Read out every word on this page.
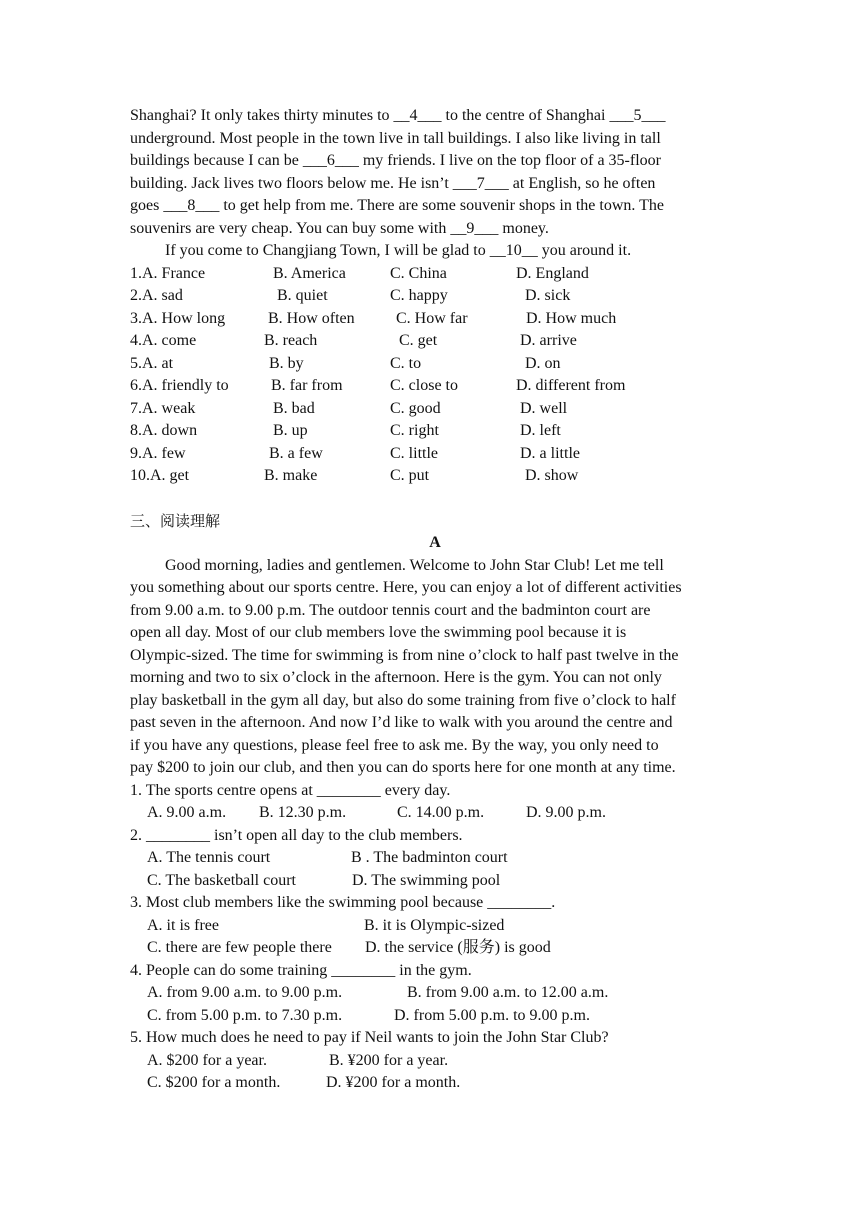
Shanghai? It only takes thirty minutes to __4___ to the centre of Shanghai ___5___

underground. Most people in the town live in tall buildings. I also like living in tall

buildings because I can be ___6___ my friends. I live on the top floor of a 35-floor

building. Jack lives two floors below me. He isn’t ___7___ at English, so he often

goes ___8___ to get help from me. There are some souvenir shops in the town. The

souvenirs are very cheap. You can buy some with __9___ money.

If you come to Changjiang Town, I will be glad to __10__ you around it.

1.A. France	B. America	C. China	D. England
2.A. sad	B. quiet	C. happy	D. sick
3.A. How long	B. How often	C. How far	D. How much
4.A. come	B. reach	C. get	D. arrive
5.A. at	B. by	C. to	D. on
6.A. friendly to	B. far from	C. close to	D. different from
7.A. weak	B. bad	C. good	D. well
8.A. down	B. up	C. right	D. left
9.A. few	B. a few	C. little	D. a little
10.A. get	B. make	C. put	D. show
三、阅读理解
A

Good morning, ladies and gentlemen. Welcome to John Star Club! Let me tell

you something about our sports centre. Here, you can enjoy a lot of different activities

from 9.00 a.m. to 9.00 p.m. The outdoor tennis court and the badminton court are

open all day. Most of our club members love the swimming pool because it is

Olympic-sized. The time for swimming is from nine o’clock to half past twelve in the

morning and two to six o’clock in the afternoon. Here is the gym. You can not only

play basketball in the gym all day, but also do some training from five o’clock to half

past seven in the afternoon. And now I’d like to walk with you around the centre and

if you have any questions, please feel free to ask me. By the way, you only need to

pay $200 to join our club, and then you can do sports here for one month at any time.

1. The sports centre opens at ________ every day.
A. 9.00 a.m. B. 12.30 p.m.	C. 14.00 p.m.	D. 9.00 p.m.
2. ________ isn’t open all day to the club members.
A. The tennis court	B . The badminton court
C. The basketball court	D. The swimming pool
3. Most club members like the swimming pool because ________.
A. it is free	B. it is Olympic-sized
C. there are few people there D. the service (服务) is good
4. People can do some training ________ in the gym.
A. from 9.00 a.m. to 9.00 p.m.	B. from 9.00 a.m. to 12.00 a.m.
C. from 5.00 p.m. to 7.30 p.m.	D. from 5.00 p.m. to 9.00 p.m.
5. How much does he need to pay if Neil wants to join the John Star Club?
A. $200 for a year.	B. ¥200 for a year.
C. $200 for a month.	D. ¥200 for a month.
